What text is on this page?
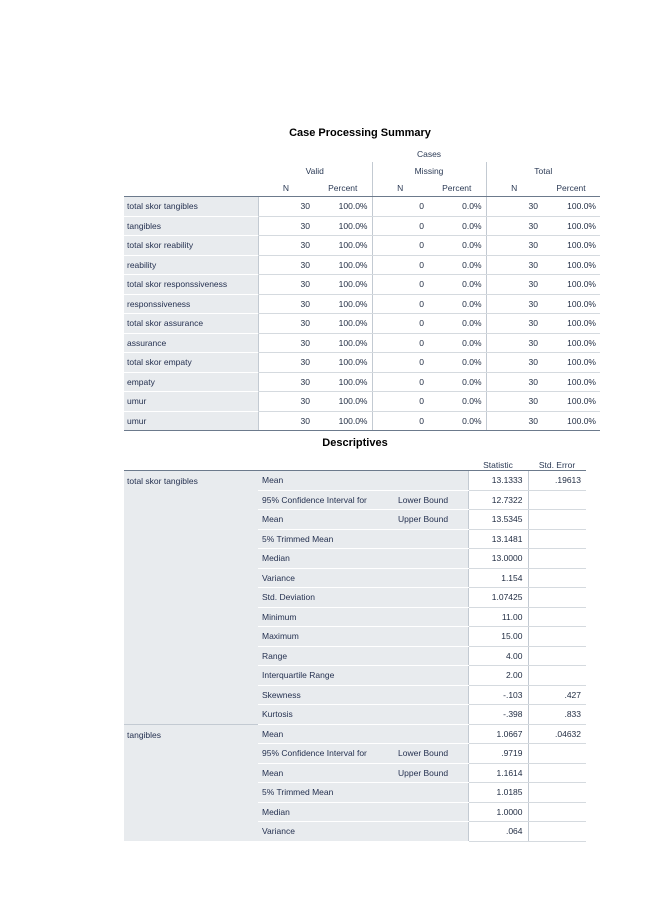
Case Processing Summary
	Cases					
	Valid		Missing		Total	
	N	Percent	N	Percent	N	Percent
total skor tangibles	30	100.0%	0	0.0%	30	100.0%
tangibles	30	100.0%	0	0.0%	30	100.0%
total skor reability	30	100.0%	0	0.0%	30	100.0%
reability	30	100.0%	0	0.0%	30	100.0%
total skor responssiveness	30	100.0%	0	0.0%	30	100.0%
responssiveness	30	100.0%	0	0.0%	30	100.0%
total skor assurance	30	100.0%	0	0.0%	30	100.0%
assurance	30	100.0%	0	0.0%	30	100.0%
total skor empaty	30	100.0%	0	0.0%	30	100.0%
empaty	30	100.0%	0	0.0%	30	100.0%
umur	30	100.0%	0	0.0%	30	100.0%
umur	30	100.0%	0	0.0%	30	100.0%
Descriptives
			Statistic	Std. Error
total skor tangibles	Mean		13.1333	.19613
	95% Confidence Interval for	Lower Bound	12.7322	
	Mean	Upper Bound	13.5345	
	5% Trimmed Mean		13.1481	
	Median		13.0000	
	Variance		1.154	
	Std. Deviation		1.07425	
	Minimum		11.00	
	Maximum		15.00	
	Range		4.00	
	Interquartile Range		2.00	
	Skewness		-.103	.427
	Kurtosis		-.398	.833
tangibles	Mean		1.0667	.04632
	95% Confidence Interval for	Lower Bound	.9719	
	Mean	Upper Bound	1.1614	
	5% Trimmed Mean		1.0185	
	Median		1.0000	
	Variance		.064	
